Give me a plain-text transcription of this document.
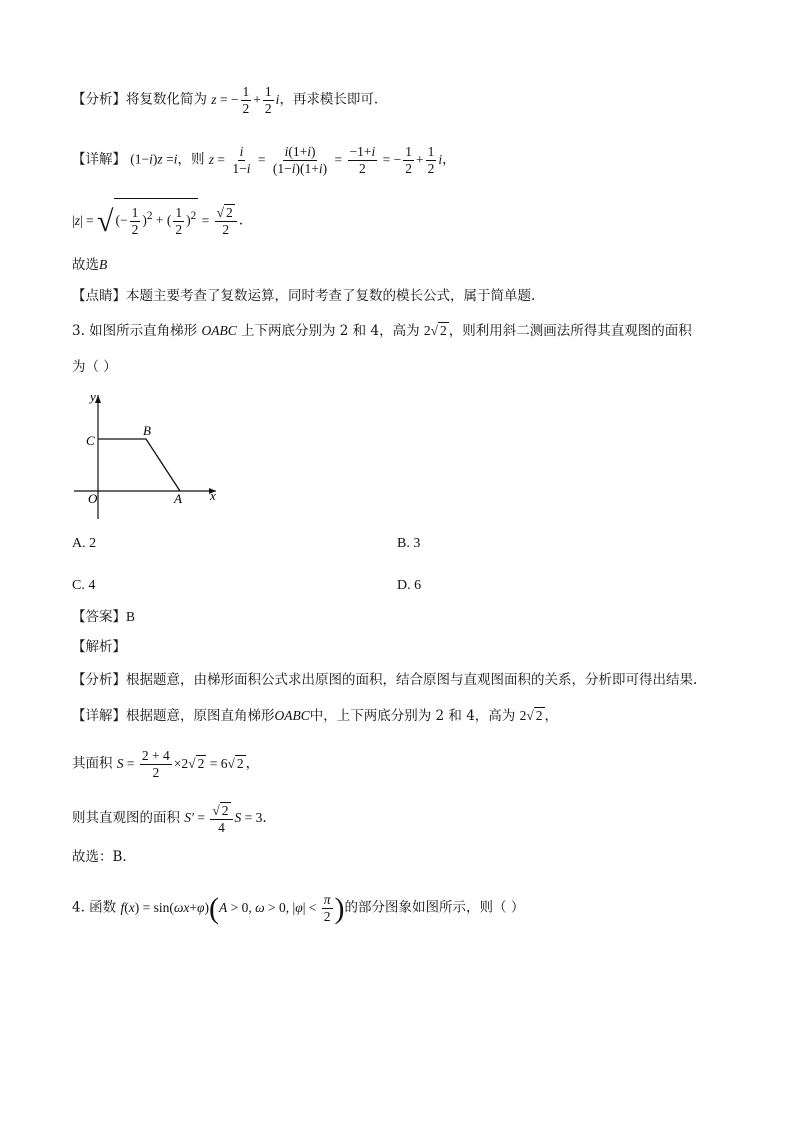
【分析】将复数化简为 z = − $\frac{1}{2} + \frac{1}{2}$ i，再求模长即可.
【详解】 (1−i)z =i，则 $z = \frac{i}{1-i} = \frac{i(1+i)}{(1-i)(1+i)} = \frac{-1+i}{2}$ = − $\frac{1}{2} + \frac{1}{2}$ i，
|z| = √ (− $\frac{1}{2} )^2$ + ( $\frac{1}{2} )^2 = \frac{√ 2}{2}$ .
故选B
【点睛】本题主要考查了复数运算，同时考查了复数的模长公式，属于简单题.
3. 如图所示直角梯形 OABC 上下两底分别为 2 和 4，高为 2√ 2 ，则利用斜二测画法所得其直观图的面积
为（ ）
y
x
C
B
O	A
A. 2	B. 3
C. 4	D. 6
【答案】B
【解析】
【分析】根据题意，由梯形面积公式求出原图的面积，结合原图与直观图面积的关系，分析即可得出结果.
【详解】根据题意，原图直角梯形OABC中，上下两底分别为 2 和 4，高为 2√ 2 ，
其面积 $S = \frac{2 + 4}{2} \times 2√$ 2 = 6√ 2 ，
则其直观图的面积 $S' = \frac{√ 2}{4}$ S = 3.
故选：B.
4. 函数 f(x) = sin(ωx+φ)(A > 0, ω > 0, $|\varphi| < \frac{\pi}{2}$ )的部分图象如图所示，则（ ）
